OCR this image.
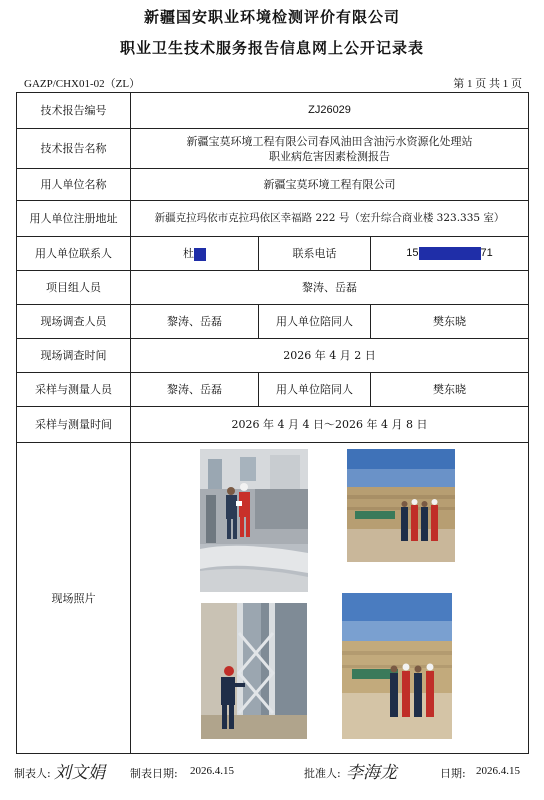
新疆国安职业环境检测评价有限公司
职业卫生技术服务报告信息网上公开记录表
GAZP/CHX01-02（ZL）	第 1 页 共 1 页
技术报告编号	ZJ26029		
技术报告名称	新疆宝莫环境工程有限公司春风油田含油污水资源化处理站
职业病危害因素检测报告		

用人单位名称	新疆宝莫环境工程有限公司		
用人单位注册地址	新疆克拉玛依市克拉玛依区幸福路 222 号（宏升综合商业楼 323.335 室）		
用人单位联系人	杜	联系电话	15 71
项目组人员	黎涛、岳磊		
现场调查人员	黎涛、岳磊	用人单位陪同人	樊东晓
现场调查时间	2026 年 4 月 2 日		
采样与测量人员	黎涛、岳磊	用人单位陪同人	樊东晓
采样与测量时间	2026 年 4 月 4 日～2026 年 4 月 8 日		
现场照片	
制表人: 刘文娟 制表日期: 2026.4.15	批准人: 李海龙	日期: 2026.4.15
